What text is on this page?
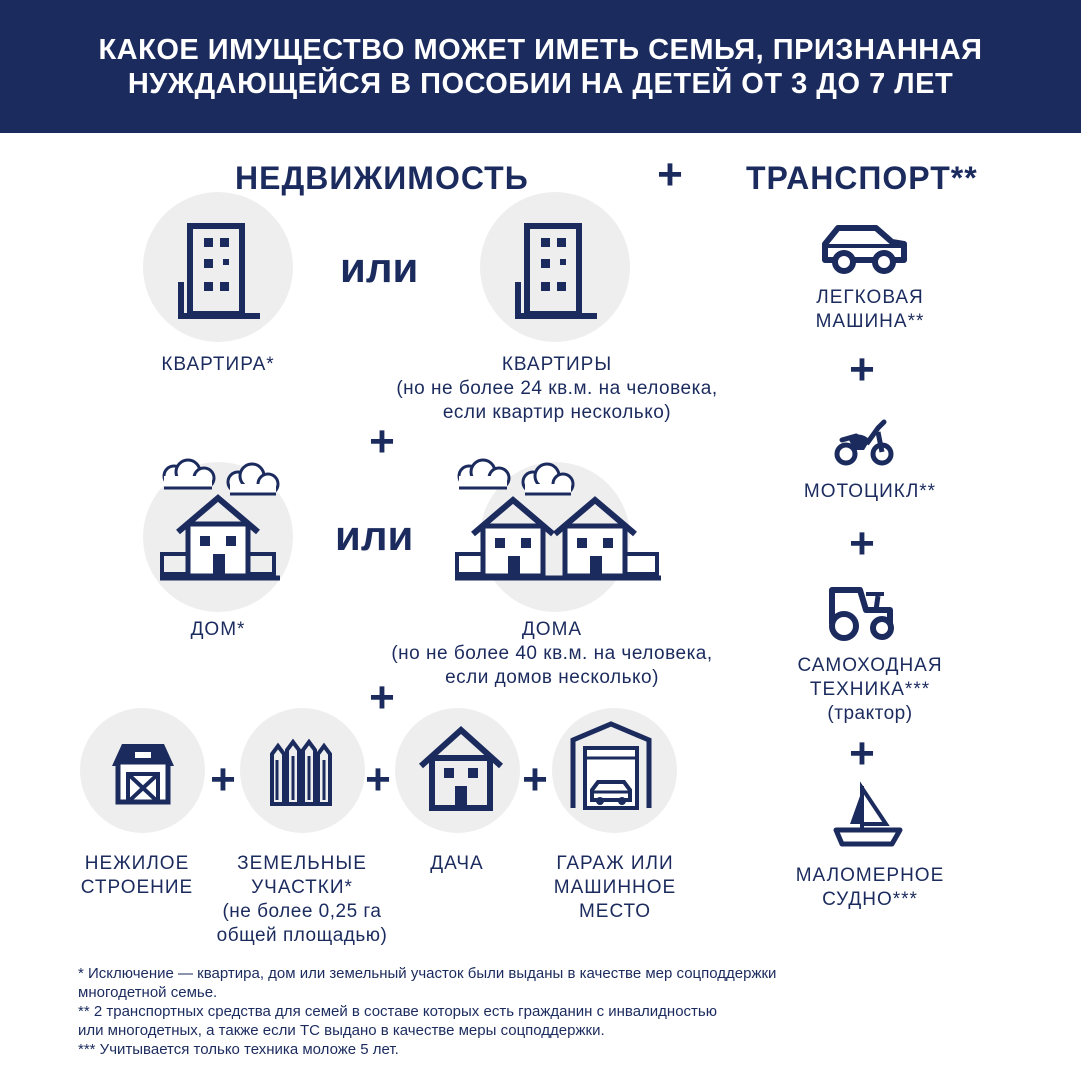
КАКОЕ ИМУЩЕСТВО МОЖЕТ ИМЕТЬ СЕМЬЯ, ПРИЗНАННАЯ
НУЖДАЮЩЕЙСЯ В ПОСОБИИ НА ДЕТЕЙ ОТ 3 ДО 7 ЛЕТ
НЕДВИЖИМОСТЬ	+ ТРАНСПОРТ**
КВАРТИРА*
или
КВАРТИРЫ
(но не более 24 кв.м. на человека,
если квартир несколько)
+
ДОМ*
или
ДОМА
(но не более 40 кв.м. на человека,
если домов несколько)
+
НЕЖИЛОЕ
СТРОЕНИЕ
+
ЗЕМЕЛЬНЫЕ
УЧАСТКИ*
(не более 0,25 га
общей площадью)
+
ДАЧА
+
ГАРАЖ ИЛИ
МАШИННОЕ
МЕСТО
ЛЕГКОВАЯ
МАШИНА**
+
МОТОЦИКЛ**
+
САМОХОДНАЯ
ТЕХНИКА***
(трактор)
+
МАЛОМЕРНОЕ
СУДНО***
* Исключение — квартира, дом или земельный участок были выданы в качестве мер соцподдержки
многодетной семье.
** 2 транспортных средства для семей в составе которых есть гражданин с инвалидностью
или многодетных, а также если ТС выдано в качестве меры соцподдержки.
*** Учитывается только техника моложе 5 лет.
